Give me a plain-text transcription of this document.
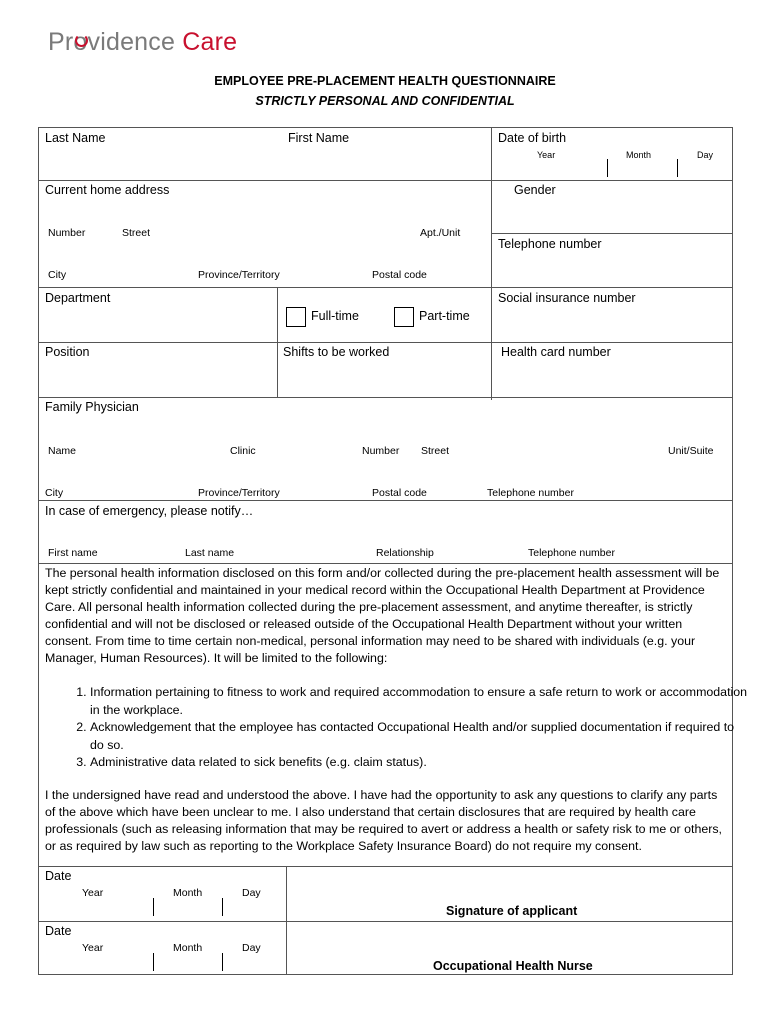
Providence Care
EMPLOYEE PRE-PLACEMENT HEALTH QUESTIONNAIRE
STRICTLY PERSONAL AND CONFIDENTIAL
Last Name	First Name	Date of birth
Year	Month	Day
Current home address
Number	Street	Apt./Unit
City	Province/Territory	Postal code
Gender
Telephone number
Department
Full-time	Part-time
Social insurance number
Position	Shifts to be worked	Health card number
Family Physician
Name	Clinic	Number Street	Unit/Suite
City	Province/Territory	Postal code	Telephone number
In case of emergency, please notify…
First name	Last name	Relationship	Telephone number

The personal health information disclosed on this form and/or collected during the pre-placement health assessment will be kept strictly confidential and maintained in your medical record within the Occupational Health Department at Providence Care. All personal health information collected during the pre-placement assessment, and anytime thereafter, is strictly confidential and will not be disclosed or released outside of the Occupational Health Department without your written consent. From time to time certain non-medical, personal information may need to be shared with individuals (e.g. your Manager, Human Resources). It will be limited to the following:

1. Information pertaining to fitness to work and required accommodation to ensure a safe return to work or accommodation in the workplace.
2. Acknowledgement that the employee has contacted Occupational Health and/or supplied documentation if required to do so.
3. Administrative data related to sick benefits (e.g. claim status).

I the undersigned have read and understood the above. I have had the opportunity to ask any questions to clarify any parts of the above which have been unclear to me. I also understand that certain disclosures that are required by health care professionals (such as releasing information that may be required to avert or address a health or safety risk to me or others, or as required by law such as reporting to the Workplace Safety Insurance Board) do not require my consent.

Date
Year	Month	Day
Signature of applicant
Date
Year	Month	Day
Occupational Health Nurse
